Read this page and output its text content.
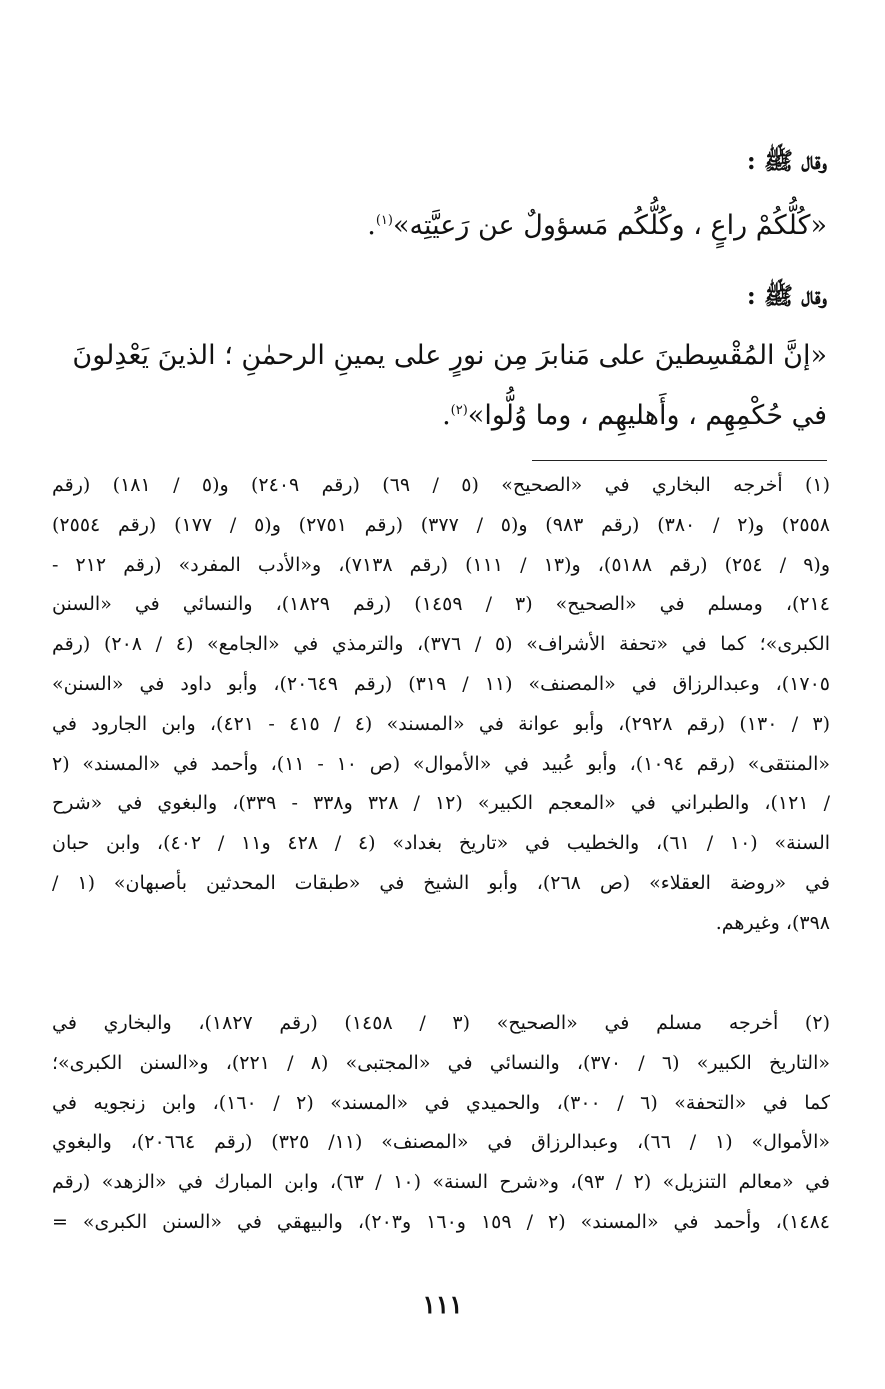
وقال ﷺ :
«كُلُّكُمْ راعٍ ، وكُلُّكُم مَسؤولٌ عن رَعيَّتِه»$^{(١)}$.
وقال ﷺ :
«إنَّ المُقْسِطينَ على مَنابرَ مِن نورٍ على يمينِ الرحمٰنِ ؛ الذينَ يَعْدِلونَ
في حُكْمِهِم ، وأَهليهِم ، وما وُلُّوا»$^{(٢)}$.
(١) أخرجه البخاري في «الصحيح» (٥ / ٦٩) (رقم ٢٤٠٩) و(٥ / ١٨١) (رقم
٢٥٥٨) و(٢ / ٣٨٠) (رقم ٩٨٣) و(٥ / ٣٧٧) (رقم ٢٧٥١) و(٥ / ١٧٧) (رقم ٢٥٥٤)
و(٩ / ٢٥٤) (رقم ٥١٨٨)، و(١٣ / ١١١) (رقم ٧١٣٨)، و«الأدب المفرد» (رقم ٢١٢ -
٢١٤)، ومسلم في «الصحيح» (٣ / ١٤٥٩) (رقم ١٨٢٩)، والنسائي في «السنن
الكبرى»؛ كما في «تحفة الأشراف» (٥ / ٣٧٦)، والترمذي في «الجامع» (٤ / ٢٠٨) (رقم
١٧٠٥)، وعبدالرزاق في «المصنف» (١١ / ٣١٩) (رقم ٢٠٦٤٩)، وأبو داود في «السنن»
(٣ / ١٣٠) (رقم ٢٩٢٨)، وأبو عوانة في «المسند» (٤ / ٤١٥ - ٤٢١)، وابن الجارود في
«المنتقى» (رقم ١٠٩٤)، وأبو عُبيد في «الأموال» (ص ١٠ - ١١)، وأحمد في «المسند» (٢
/ ١٢١)، والطبراني في «المعجم الكبير» (١٢ / ٣٢٨ و٣٣٨ - ٣٣٩)، والبغوي في «شرح
السنة» (١٠ / ٦١)، والخطيب في «تاريخ بغداد» (٤ / ٤٢٨ و١١ / ٤٠٢)، وابن حبان
في «روضة العقلاء» (ص ٢٦٨)، وأبو الشيخ في «طبقات المحدثين بأصبهان» (١ /
٣٩٨)، وغيرهم.
(٢) أخرجه مسلم في «الصحيح» (٣ / ١٤٥٨) (رقم ١٨٢٧)، والبخاري في
«التاريخ الكبير» (٦ / ٣٧٠)، والنسائي في «المجتبى» (٨ / ٢٢١)، و«السنن الكبرى»؛
كما في «التحفة» (٦ / ٣٠٠)، والحميدي في «المسند» (٢ / ١٦٠)، وابن زنجويه في
«الأموال» (١ / ٦٦)، وعبدالرزاق في «المصنف» (١١/ ٣٢٥) (رقم ٢٠٦٦٤)، والبغوي
في «معالم التنزيل» (٢ / ٩٣)، و«شرح السنة» (١٠ / ٦٣)، وابن المبارك في «الزهد» (رقم
١٤٨٤)، وأحمد في «المسند» (٢ / ١٥٩ و١٦٠ و٢٠٣)، والبيهقي في «السنن الكبرى» =
١١١
